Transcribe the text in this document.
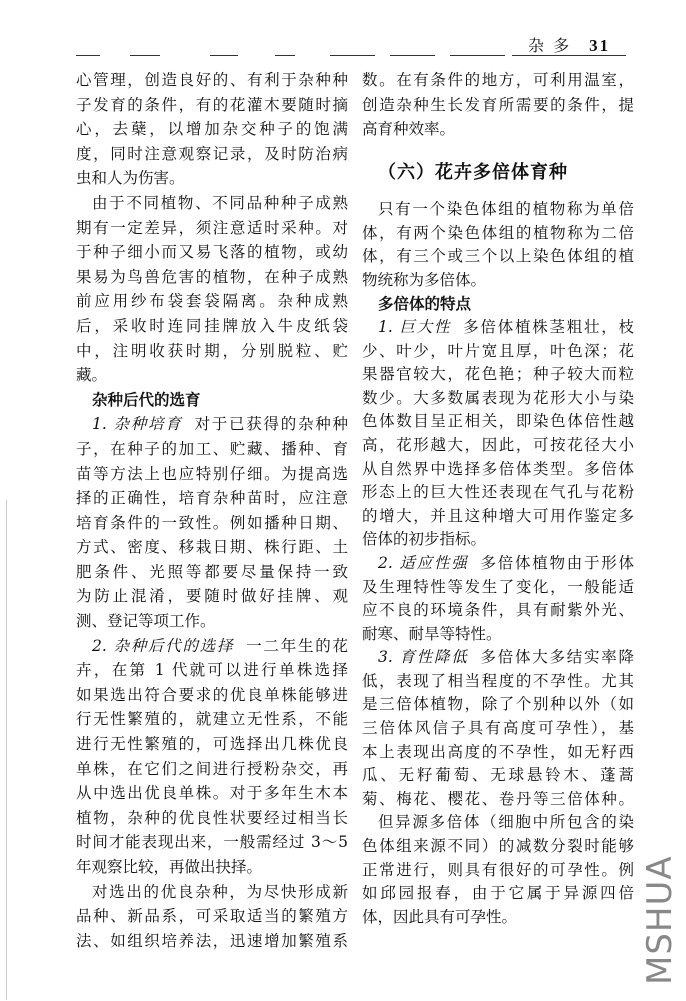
杂 多 31
心管理，创造良好的、有利于杂种种
子发育的条件，有的花灌木要随时摘
心，去蘖，以增加杂交种子的饱满
度，同时注意观察记录，及时防治病
虫和人为伤害。
由于不同植物、不同品种种子成熟
期有一定差异，须注意适时采种。对
于种子细小而又易飞落的植物，或幼
果易为鸟兽危害的植物，在种子成熟
前应用纱布袋套袋隔离。杂种成熟
后，采收时连同挂牌放入牛皮纸袋
中，注明收获时期，分别脱粒、贮
藏。
杂种后代的选育
1. 杂种培育 对于已获得的杂种种
子，在种子的加工、贮藏、播种、育
苗等方法上也应特别仔细。为提高选
择的正确性，培育杂种苗时，应注意
培育条件的一致性。例如播种日期、
方式、密度、移栽日期、株行距、土
肥条件、光照等都要尽量保持一致
为防止混淆，要随时做好挂牌、观
测、登记等项工作。
2. 杂种后代的选择 一二年生的花
卉，在第 1 代就可以进行单株选择
如果选出符合要求的优良单株能够进
行无性繁殖的，就建立无性系，不能
进行无性繁殖的，可选择出几株优良
单株，在它们之间进行授粉杂交，再
从中选出优良单株。对于多年生木本
植物，杂种的优良性状要经过相当长
时间才能表现出来，一般需经过 3～5
年观察比较，再做出抉择。
对选出的优良杂种，为尽快形成新
品种、新品系，可采取适当的繁殖方
法、如组织培养法，迅速增加繁殖系
数。在有条件的地方，可利用温室，
创造杂种生长发育所需要的条件，提
高育种效率。
（六）花卉多倍体育种
只有一个染色体组的植物称为单倍
体，有两个染色体组的植物称为二倍
体，有三个或三个以上染色体组的植
物统称为多倍体。
多倍体的特点
1. 巨大性 多倍体植株茎粗壮，枝
少、叶少，叶片宽且厚，叶色深；花
果器官较大，花色艳；种子较大而粒
数少。大多数属表现为花形大小与染
色体数目呈正相关，即染色体倍性越
高，花形越大，因此，可按花径大小
从自然界中选择多倍体类型。多倍体
形态上的巨大性还表现在气孔与花粉
的增大，并且这种增大可用作鉴定多
倍体的初步指标。
2. 适应性强 多倍体植物由于形体
及生理特性等发生了变化，一般能适
应不良的环境条件，具有耐紫外光、
耐寒、耐旱等特性。
3. 育性降低 多倍体大多结实率降
低，表现了相当程度的不孕性。尤其
是三倍体植物，除了个别种以外（如
三倍体风信子具有高度可孕性），基
本上表现出高度的不孕性，如无籽西
瓜、无籽葡萄、无球悬铃木、蓬蒿
菊、梅花、樱花、卷丹等三倍体种。
但异源多倍体（细胞中所包含的染
色体组来源不同）的减数分裂时能够
正常进行，则具有很好的可孕性。例
如邱园报春，由于它属于异源四倍
体，因此具有可孕性。	MSHUA
